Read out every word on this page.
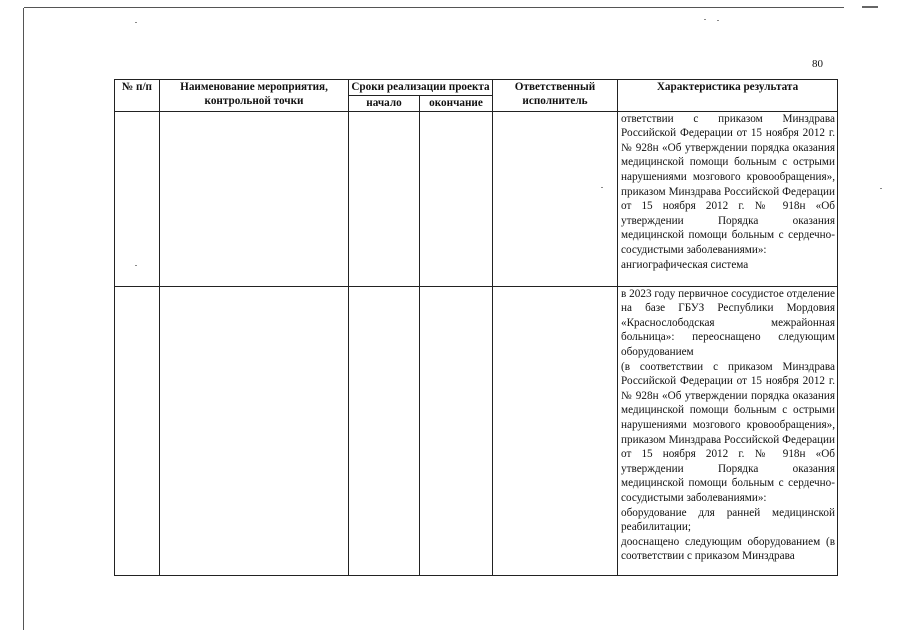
80
№ п/п	Наименование мероприятия, контрольной точки	Сроки реализации проекта		Ответственный исполнитель	Характеристика результата
		начало	окончание		

					ответствии с приказом Минздрава Российской Федерации от 15 ноября 2012 г. № 928н «Об утверждении порядка оказания медицинской помощи больным с острыми нарушениями мозгового кровообращения», приказом Минздрава Российской Федерации от 15 ноября 2012 г. № 918н «Об утверждении Порядка оказания медицинской помощи больным с сердечно-сосудистыми заболеваниями»:

ангиографическая система

					в 2023 году первичное сосудистое отделение на базе ГБУЗ Республики Мордовия «Краснослободская межрайонная больница»: переоснащено следующим оборудованием

(в соответствии с приказом Минздрава Российской Федерации от 15 ноября 2012 г. № 928н «Об утверждении порядка оказания медицинской помощи больным с острыми нарушениями мозгового кровообращения», приказом Минздрава Российской Федерации от 15 ноября 2012 г. № 918н «Об утверждении Порядка оказания медицинской помощи больным с сердечно-сосудистыми заболеваниями»:

оборудование для ранней медицинской реабилитации;

дооснащено следующим оборудованием (в соответствии с приказом Минздрава
